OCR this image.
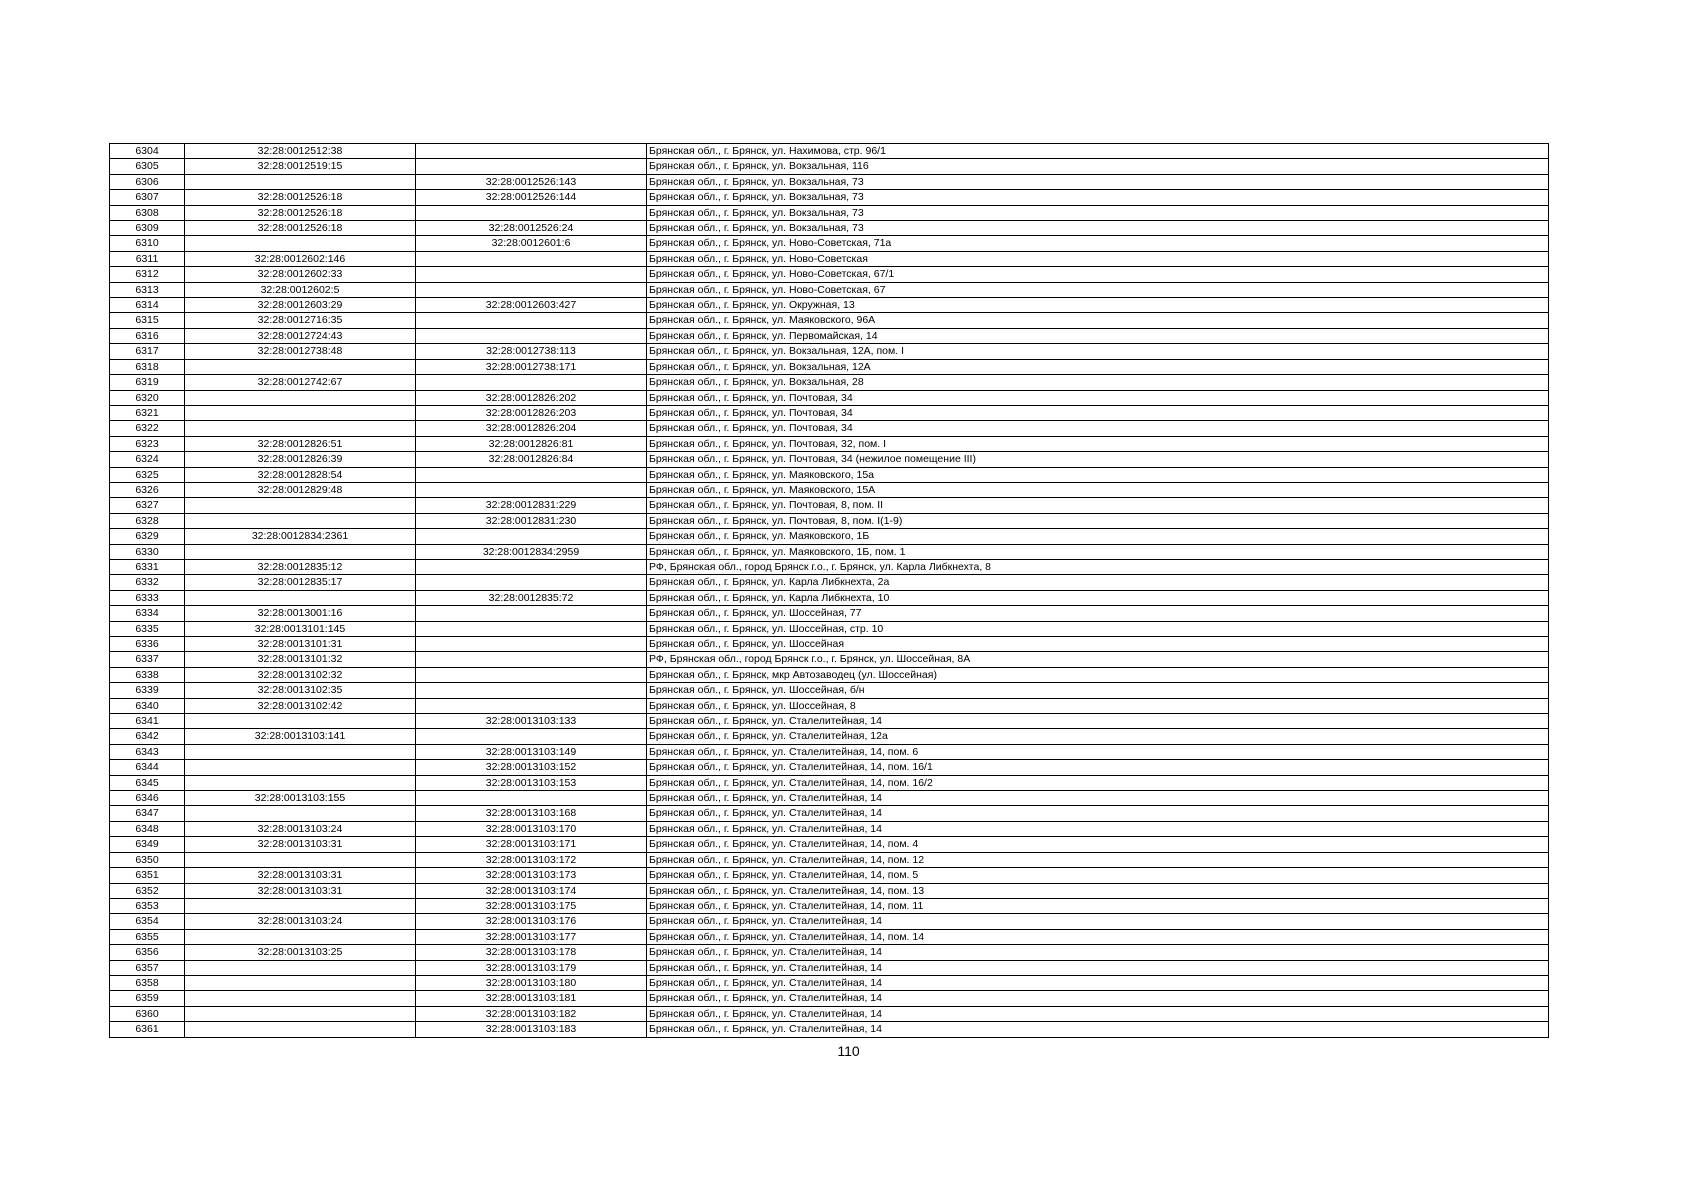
6304	32:28:0012512:38		Брянская обл., г. Брянск, ул. Нахимова, стр. 96/1
6305	32:28:0012519:15		Брянская обл., г. Брянск, ул. Вокзальная, 116
6306		32:28:0012526:143	Брянская обл., г. Брянск, ул. Вокзальная, 73
6307	32:28:0012526:18	32:28:0012526:144	Брянская обл., г. Брянск, ул. Вокзальная, 73
6308	32:28:0012526:18		Брянская обл., г. Брянск, ул. Вокзальная, 73
6309	32:28:0012526:18	32:28:0012526:24	Брянская обл., г. Брянск, ул. Вокзальная, 73
6310		32:28:0012601:6	Брянская обл., г. Брянск, ул. Ново-Советская, 71а
6311	32:28:0012602:146		Брянская обл., г. Брянск, ул. Ново-Советская
6312	32:28:0012602:33		Брянская обл., г. Брянск, ул. Ново-Советская, 67/1
6313	32:28:0012602:5		Брянская обл., г. Брянск, ул. Ново-Советская, 67
6314	32:28:0012603:29	32:28:0012603:427	Брянская обл., г. Брянск, ул. Окружная, 13
6315	32:28:0012716:35		Брянская обл., г. Брянск, ул. Маяковского, 96А
6316	32:28:0012724:43		Брянская обл., г. Брянск, ул. Первомайская, 14
6317	32:28:0012738:48	32:28:0012738:113	Брянская обл., г. Брянск, ул. Вокзальная, 12А, пом. I
6318		32:28:0012738:171	Брянская обл., г. Брянск, ул. Вокзальная, 12А
6319	32:28:0012742:67		Брянская обл., г. Брянск, ул. Вокзальная, 28
6320		32:28:0012826:202	Брянская обл., г. Брянск, ул. Почтовая, 34
6321		32:28:0012826:203	Брянская обл., г. Брянск, ул. Почтовая, 34
6322		32:28:0012826:204	Брянская обл., г. Брянск, ул. Почтовая, 34
6323	32:28:0012826:51	32:28:0012826:81	Брянская обл., г. Брянск, ул. Почтовая, 32, пом. I
6324	32:28:0012826:39	32:28:0012826:84	Брянская обл., г. Брянск, ул. Почтовая, 34 (нежилое помещение III)
6325	32:28:0012828:54		Брянская обл., г. Брянск, ул. Маяковского, 15а
6326	32:28:0012829:48		Брянская обл., г. Брянск, ул. Маяковского, 15А
6327		32:28:0012831:229	Брянская обл., г. Брянск, ул. Почтовая, 8, пом. II
6328		32:28:0012831:230	Брянская обл., г. Брянск, ул. Почтовая, 8, пом. I(1-9)
6329	32:28:0012834:2361		Брянская обл., г. Брянск, ул. Маяковского, 1Б
6330		32:28:0012834:2959	Брянская обл., г. Брянск, ул. Маяковского, 1Б, пом. 1
6331	32:28:0012835:12		РФ, Брянская обл., город Брянск г.о., г. Брянск, ул. Карла Либкнехта, 8
6332	32:28:0012835:17		Брянская обл., г. Брянск, ул. Карла Либкнехта, 2а
6333		32:28:0012835:72	Брянская обл., г. Брянск, ул. Карла Либкнехта, 10
6334	32:28:0013001:16		Брянская обл., г. Брянск, ул. Шоссейная, 77
6335	32:28:0013101:145		Брянская обл., г. Брянск, ул. Шоссейная, стр. 10
6336	32:28:0013101:31		Брянская обл., г. Брянск, ул. Шоссейная
6337	32:28:0013101:32		РФ, Брянская обл., город Брянск г.о., г. Брянск, ул. Шоссейная, 8А
6338	32:28:0013102:32		Брянская обл., г. Брянск, мкр Автозаводец (ул. Шоссейная)
6339	32:28:0013102:35		Брянская обл., г. Брянск, ул. Шоссейная, б/н
6340	32:28:0013102:42		Брянская обл., г. Брянск, ул. Шоссейная, 8
6341		32:28:0013103:133	Брянская обл., г. Брянск, ул. Сталелитейная, 14
6342	32:28:0013103:141		Брянская обл., г. Брянск, ул. Сталелитейная, 12а
6343		32:28:0013103:149	Брянская обл., г. Брянск, ул. Сталелитейная, 14, пом. 6
6344		32:28:0013103:152	Брянская обл., г. Брянск, ул. Сталелитейная, 14, пом. 16/1
6345		32:28:0013103:153	Брянская обл., г. Брянск, ул. Сталелитейная, 14, пом. 16/2
6346	32:28:0013103:155		Брянская обл., г. Брянск, ул. Сталелитейная, 14
6347		32:28:0013103:168	Брянская обл., г. Брянск, ул. Сталелитейная, 14
6348	32:28:0013103:24	32:28:0013103:170	Брянская обл., г. Брянск, ул. Сталелитейная, 14
6349	32:28:0013103:31	32:28:0013103:171	Брянская обл., г. Брянск, ул. Сталелитейная, 14, пом. 4
6350		32:28:0013103:172	Брянская обл., г. Брянск, ул. Сталелитейная, 14, пом. 12
6351	32:28:0013103:31	32:28:0013103:173	Брянская обл., г. Брянск, ул. Сталелитейная, 14, пом. 5
6352	32:28:0013103:31	32:28:0013103:174	Брянская обл., г. Брянск, ул. Сталелитейная, 14, пом. 13
6353		32:28:0013103:175	Брянская обл., г. Брянск, ул. Сталелитейная, 14, пом. 11
6354	32:28:0013103:24	32:28:0013103:176	Брянская обл., г. Брянск, ул. Сталелитейная, 14
6355		32:28:0013103:177	Брянская обл., г. Брянск, ул. Сталелитейная, 14, пом. 14
6356	32:28:0013103:25	32:28:0013103:178	Брянская обл., г. Брянск, ул. Сталелитейная, 14
6357		32:28:0013103:179	Брянская обл., г. Брянск, ул. Сталелитейная, 14
6358		32:28:0013103:180	Брянская обл., г. Брянск, ул. Сталелитейная, 14
6359		32:28:0013103:181	Брянская обл., г. Брянск, ул. Сталелитейная, 14
6360		32:28:0013103:182	Брянская обл., г. Брянск, ул. Сталелитейная, 14
6361		32:28:0013103:183	Брянская обл., г. Брянск, ул. Сталелитейная, 14
110
